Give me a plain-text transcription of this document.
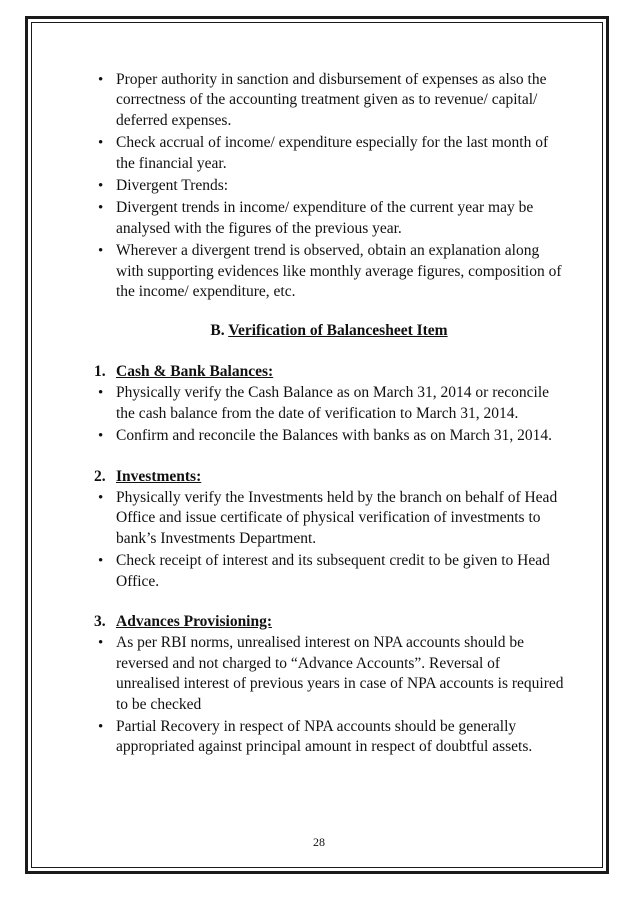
• Proper authority in sanction and disbursement of expenses as also the correctness of the accounting treatment given as to revenue/ capital/ deferred expenses.
• Check accrual of income/ expenditure especially for the last month of the financial year.
• Divergent Trends:
• Divergent trends in income/ expenditure of the current year may be analysed with the figures of the previous year.
• Wherever a divergent trend is observed, obtain an explanation along with supporting evidences like monthly average figures, composition of the income/ expenditure, etc.
B. Verification of Balancesheet Item
1. Cash & Bank Balances:
• Physically verify the Cash Balance as on March 31, 2014 or reconcile the cash balance from the date of verification to March 31, 2014.
• Confirm and reconcile the Balances with banks as on March 31, 2014.
2. Investments:
• Physically verify the Investments held by the branch on behalf of Head Office and issue certificate of physical verification of investments to bank’s Investments Department.
• Check receipt of interest and its subsequent credit to be given to Head Office.
3. Advances Provisioning:
• As per RBI norms, unrealised interest on NPA accounts should be reversed and not charged to “Advance Accounts”. Reversal of unrealised interest of previous years in case of NPA accounts is required to be checked
• Partial Recovery in respect of NPA accounts should be generally appropriated against principal amount in respect of doubtful assets.
28
